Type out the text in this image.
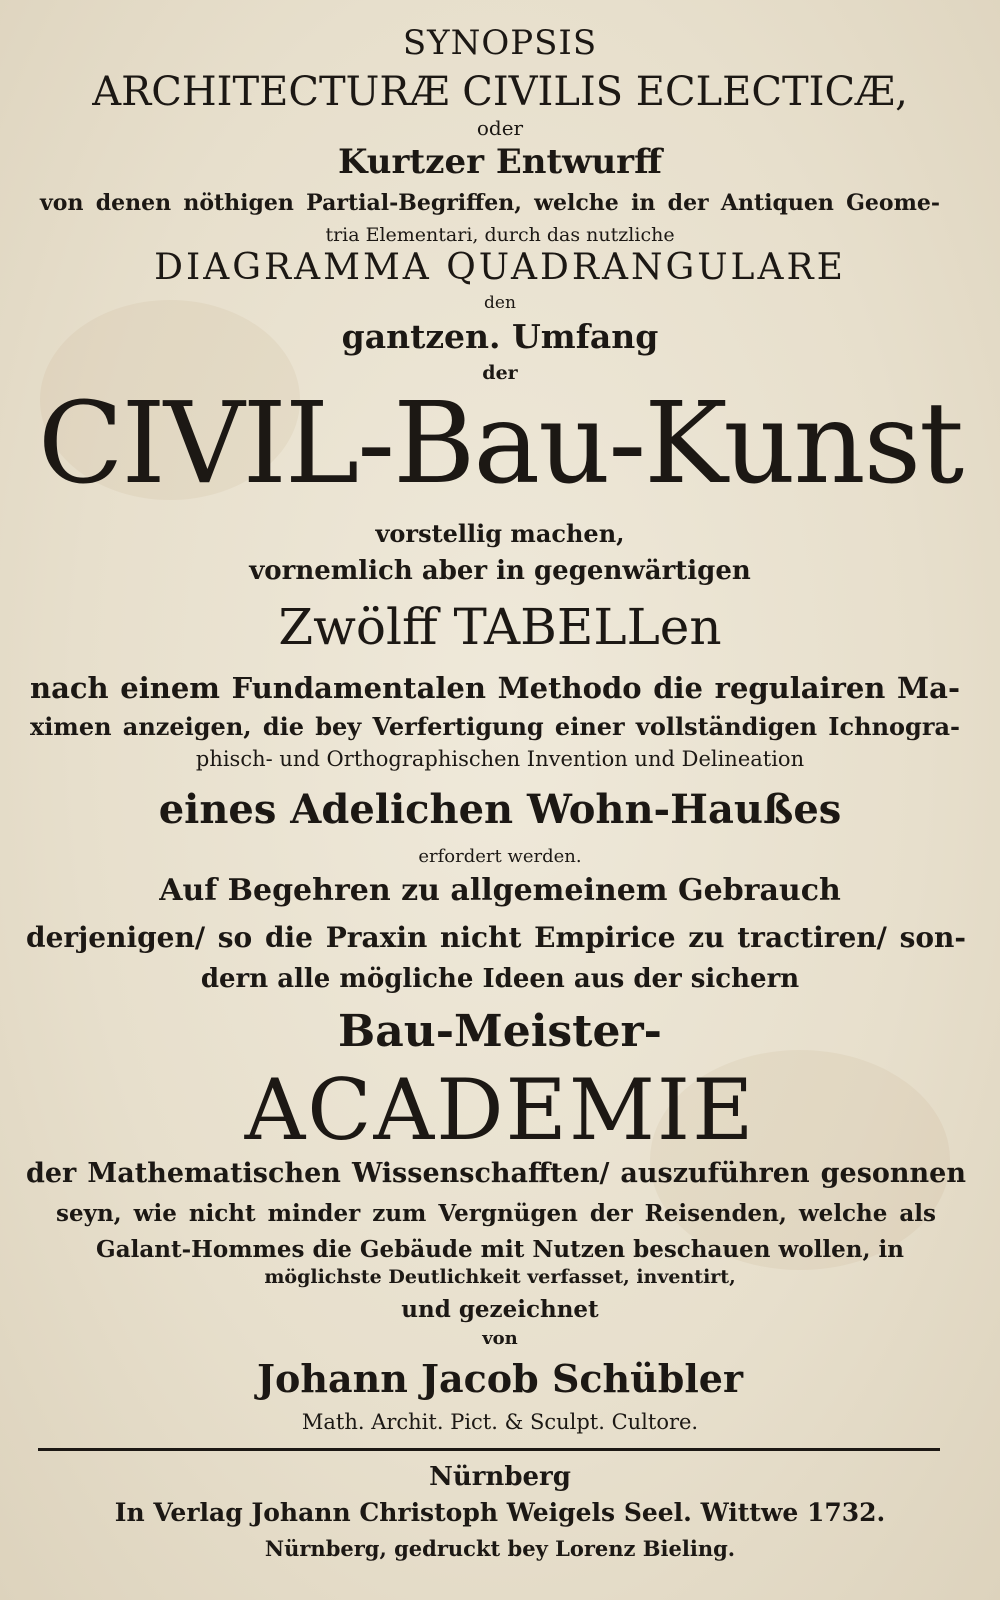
SYNOPSIS
ARCHITECTURÆ CIVILIS ECLECTICÆ,
oder
Kurtzer Entwurff
von denen nöthigen Partial-Begriffen, welche in der Antiquen Geome-
tria Elementari, durch das nutzliche
DIAGRAMMA QUADRANGULARE
den
gantzen. Umfang
der
CIVIL-Bau-Kunst
vorstellig machen,
vornemlich aber in gegenwärtigen
Zwölff TABELLen
nach einem Fundamentalen Methodo die regulairen Ma-
ximen anzeigen, die bey Verfertigung einer vollständigen Ichnogra-
phisch- und Orthographischen Invention und Delineation
eines Adelichen Wohn-Haußes
erfordert werden.
Auf Begehren zu allgemeinem Gebrauch
derjenigen/ so die Praxin nicht Empirice zu tractiren/ son-
dern alle mögliche Ideen aus der sichern
Bau-Meister-
ACADEMIE
der Mathematischen Wissenschafften/ auszuführen gesonnen
seyn, wie nicht minder zum Vergnügen der Reisenden, welche als
Galant-Hommes die Gebäude mit Nutzen beschauen wollen, in
möglichste Deutlichkeit verfasset, inventirt,
und gezeichnet
von
Johann Jacob Schübler
Math. Archit. Pict. & Sculpt. Cultore.
Nürnberg
In Verlag Johann Christoph Weigels Seel. Wittwe 1732.
Nürnberg, gedruckt bey Lorenz Bieling.
